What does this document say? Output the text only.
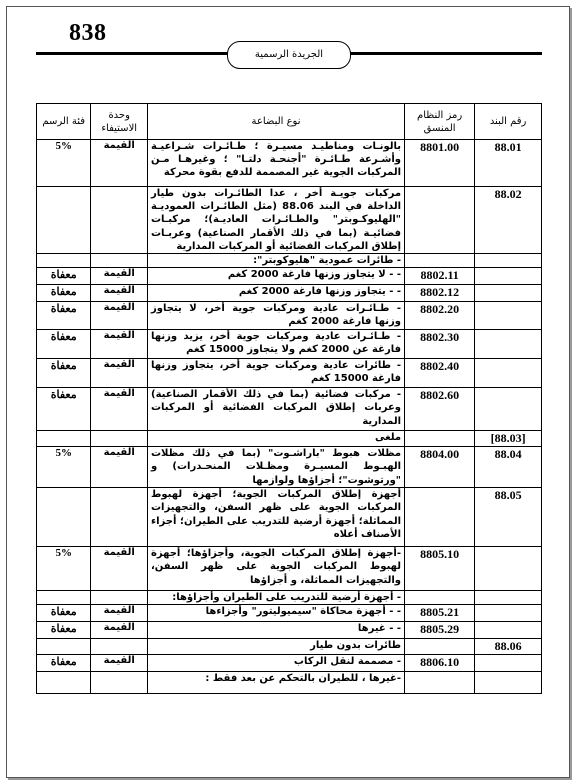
838
الجريدة الرسمية
رقم البند	رمز النظام المنسق	نوع البضاعة	وحدة الاستيفاء	فئة الرسم
88.01	8801.00	بالونـات ومناطيـد مسيـرة ؛ طـائـرات شـراعيـة وأشـرعة طـائـرة "أجنحـة دلتـا" ؛ وغيرهـا مـن المركبات الجوية غير المصممة للدفع بقوة محركة	القيمة	5%
88.02		مركبات جويـة أخر ، عدا الطائـرات بدون طيار الداخلة في البند 88.06 (مثل الطائـرات العموديـة "الهليوكـوبتر" والطـائـرات العاديـة)؛ مركبـات فضائيـة (بما في ذلك الأقمار الصناعية) وعربـات إطلاق المركبات الفضائية أو المركبات المدارية		
		- طائرات عمودية "هليوكوبتر":		
	8802.11	- - لا يتجاوز وزنها فارغة 2000 كغم	القيمة	معفاة
	8802.12	- - يتجاوز وزنها فارغة 2000 كغم	القيمة	معفاة
	8802.20	- طـائـرات عادية ومركبات جوية أخر، لا يتجاوز وزنها فارغة 2000 كغم	القيمة	معفاة
	8802.30	- طـائـرات عادية ومركبات جوية أخر، يزيد وزنها فارغة عن 2000 كغم ولا يتجاوز 15000 كغم	القيمة	معفاة
	8802.40	- طائرات عادية ومركبات جوية أخر، يتجاوز وزنها فارغة 15000 كغم	القيمة	معفاة
	8802.60	- مركبات فضائية (بما في ذلك الأقمار الصناعية) وعربات إطلاق المركبات الفضائية أو المركبات المدارية	القيمة	معفاة
[88.03]		ملغى		
88.04	8804.00	مظلات هبوط "باراشـوت" (بما في ذلك مظلات الهبـوط المسيـرة ومظـلات المنحـدرات) و "ورتوشوت"؛ أجزاؤها ولوازمها	القيمة	5%
88.05		أجهزة إطلاق المركبات الجوية؛ أجهزة لهبوط المركبات الجوية على ظهر السفن، والتجهيزات المماثلة؛ أجهزة أرضية للتدريب على الطيران؛ أجزاء الأصناف أعلاه		
	8805.10	-أجهزة إطلاق المركبات الجوية، وأجزاؤها؛ أجهزة لهبوط المركبات الجوية على ظهر السفن، والتجهيزات المماثلة، و أجزاؤها	القيمة	5%
		- أجهزة أرضية للتدريب على الطيران وأجزاؤها:		
	8805.21	- - أجهزة محاكاة "سيميوليتور" وأجزاءها	القيمة	معفاة
	8805.29	- - غيرها	القيمة	معفاة
88.06		طائرات بدون طيار		
	8806.10	- مصممة لنقل الركاب	القيمة	معفاة
		-غيرها ، للطيران بالتحكم عن بعد فقط :		
